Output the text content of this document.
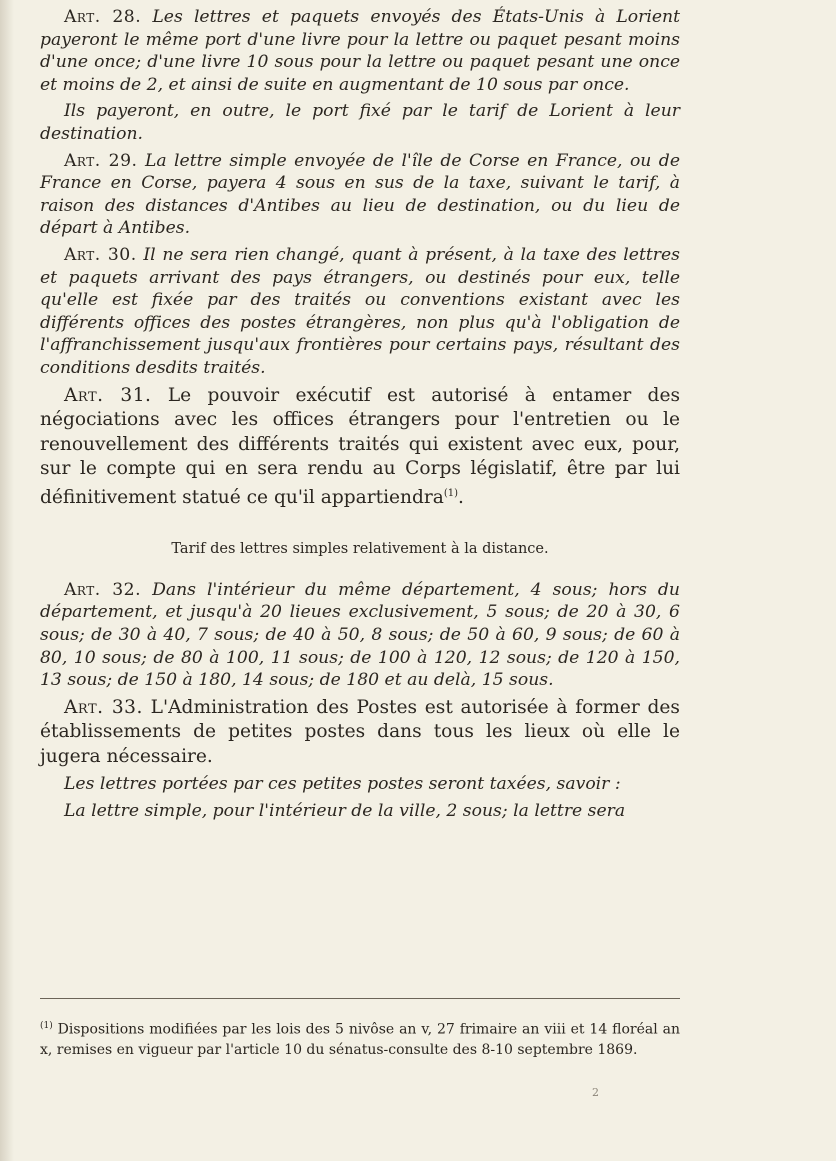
Art. 28. Les lettres et paquets envoyés des États-Unis à Lorient payeront le même port d'une livre pour la lettre ou paquet pesant moins d'une once; d'une livre 10 sous pour la lettre ou paquet pesant une once et moins de 2, et ainsi de suite en augmentant de 10 sous par once.

Ils payeront, en outre, le port fixé par le tarif de Lorient à leur destination.

Art. 29. La lettre simple envoyée de l'île de Corse en France, ou de France en Corse, payera 4 sous en sus de la taxe, suivant le tarif, à raison des distances d'Antibes au lieu de destination, ou du lieu de départ à Antibes.

Art. 30. Il ne sera rien changé, quant à présent, à la taxe des lettres et paquets arrivant des pays étrangers, ou destinés pour eux, telle qu'elle est fixée par des traités ou conventions existant avec les différents offices des postes étrangères, non plus qu'à l'obligation de l'affranchissement jusqu'aux frontières pour certains pays, résultant des conditions desdits traités.

Art. 31. Le pouvoir exécutif est autorisé à entamer des négociations avec les offices étrangers pour l'entretien ou le renouvellement des différents traités qui existent avec eux, pour, sur le compte qui en sera rendu au Corps législatif, être par lui définitivement statué ce qu'il appartiendra$^{(1)}$.

Tarif des lettres simples relativement à la distance.

Art. 32. Dans l'intérieur du même département, 4 sous; hors du département, et jusqu'à 20 lieues exclusivement, 5 sous; de 20 à 30, 6 sous; de 30 à 40, 7 sous; de 40 à 50, 8 sous; de 50 à 60, 9 sous; de 60 à 80, 10 sous; de 80 à 100, 11 sous; de 100 à 120, 12 sous; de 120 à 150, 13 sous; de 150 à 180, 14 sous; de 180 et au delà, 15 sous.

Art. 33. L'Administration des Postes est autorisée à former des établissements de petites postes dans tous les lieux où elle le jugera nécessaire.

Les lettres portées par ces petites postes seront taxées, savoir :

La lettre simple, pour l'intérieur de la ville, 2 sous; la lettre sera

$^{(1)}$ Dispositions modifiées par les lois des 5 nivôse an v, 27 frimaire an viii et 14 floréal an x, remises en vigueur par l'article 10 du sénatus-consulte des 8-10 septembre 1869.
2
